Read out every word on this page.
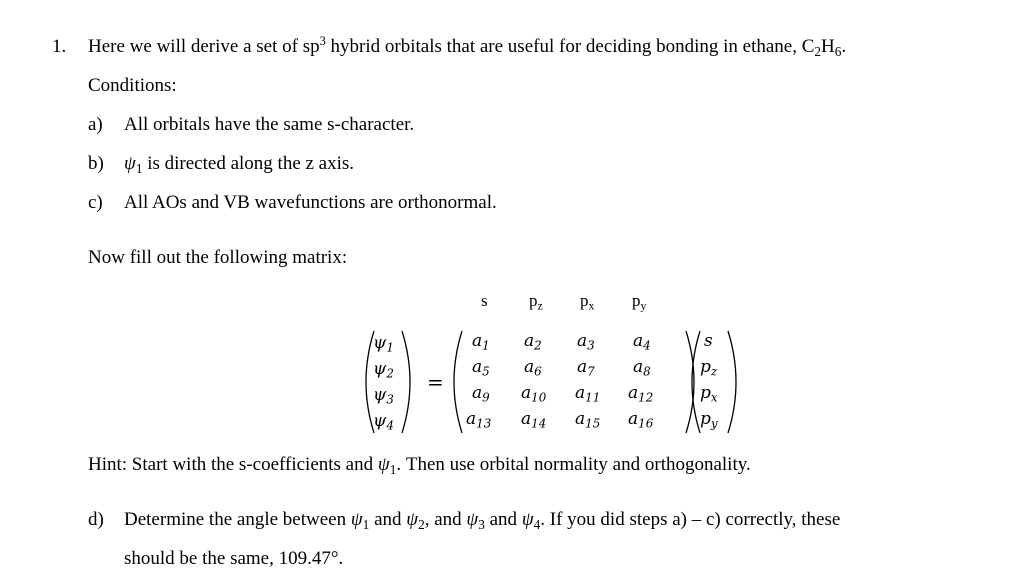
1. Here we will derive a set of $sp^3$ hybrid orbitals that are useful for deciding bonding in ethane, $C_2H_6$.
Conditions:
a) All orbitals have the same s-character.
b) $\psi_1$ is directed along the z axis.
c) All AOs and VB wavefunctions are orthonormal.
Now fill out the following matrix:
s $p_z$ $p_x$ $p_y$
$\psi_1$
$\psi_2$
$\psi_3$
$\psi_4$
=
$a_1$ $a_2$ $a_3$ $a_4$
$a_5$ $a_6$ $a_7$ $a_8$
$a_9$ $a_{10}$ $a_{11}$ $a_{12}$
$a_{13}$ $a_{14}$ $a_{15}$ $a_{16}$
s
$p_z$
$p_x$
$p_y$
Hint: Start with the s-coefficients and $\psi_1$. Then use orbital normality and orthogonality.
d) Determine the angle between $\psi_1$ and $\psi_2$, and $\psi_3$ and $\psi_4$. If you did steps a) – c) correctly, these
should be the same, 109.47°.
